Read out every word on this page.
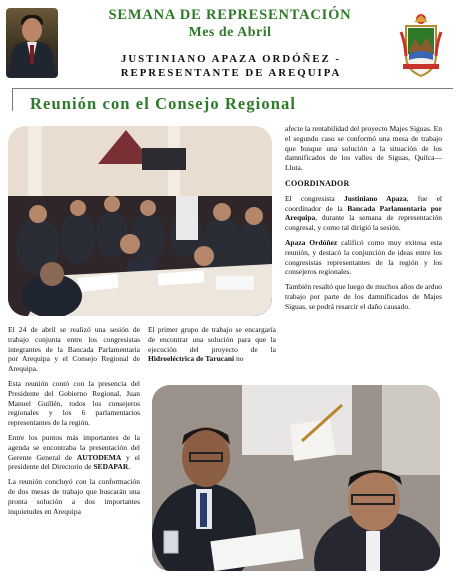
SEMANA DE REPRESENTACIÓN
Mes de Abril
JUSTINIANO APAZA ORDÓÑEZ -
REPRESENTANTE DE AREQUIPA
Reunión con el Consejo Regional

El 24 de abril se realizó una sesión de trabajo conjunta entre los congresistas integrantes de la Bancada Parlamentaria por Arequipa y el Consejo Regional de Arequipa.

Esta reunión contó con la presencia del Presidente del Gobierno Regional, Juan Manuel Guillén, todos los consejeros regionales y los 6 parlamentarios representantes de la región.

Entre los puntos más importantes de la agenda se encontraba la presentación del Gerente General de AUTODEMA y el presidente del Directorio de SEDAPAR.

La reunión concluyó con la conformación de dos mesas de trabajo que buscarán una pronta solución a dos importantes inquietudes en Arequipa

El primer grupo de trabajo se encargaría de encontrar una solución para que la ejecución del proyecto de la Hidroeléctrica de Tarucani no

afecte la rentabilidad del proyecto Majes Siguas. En el segundo caso se conformó una mesa de trabajo que busque una solución a la situación de los damnificados de los valles de Siguas, Quilca—Lluta.

COORDINADOR

El congresista Justiniano Apaza, fue el coordinador de la Bancada Parlamentaria por Arequipa, durante la semana de representación congresal, y como tal dirigió la sesión.

Apaza Ordóñez calificó como muy exitosa esta reunión, y destacó la conjunción de ideas entre los congresistas representantes de la región y los consejeros regionales.

También resaltó que luego de muchos años de arduo trabajo por parte de los damnificados de Majes Siguas, se podrá resarcir el daño causado.
